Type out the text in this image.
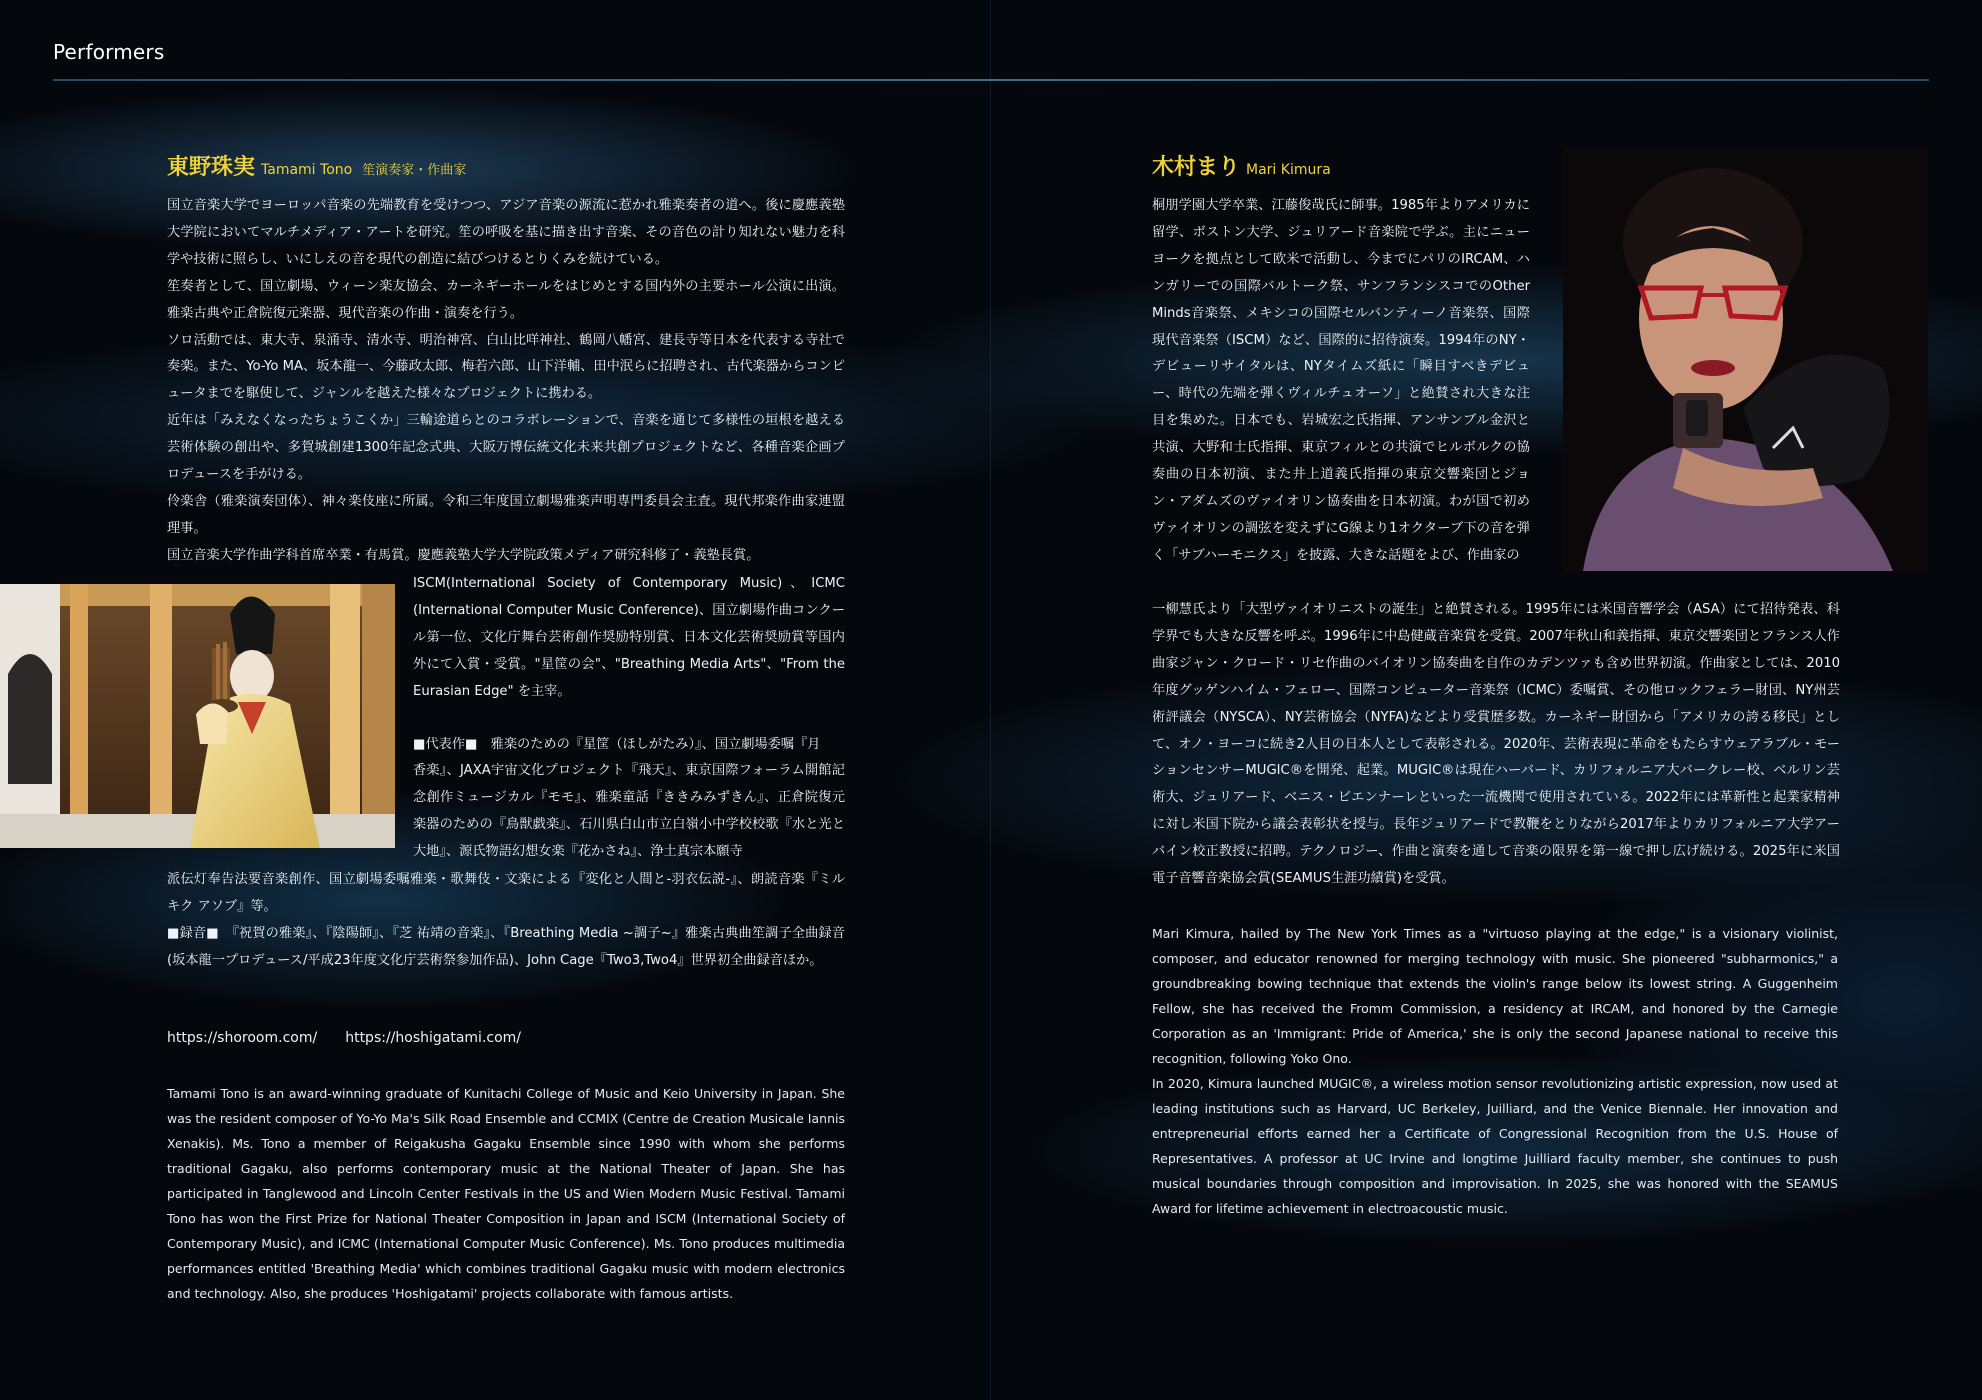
Performers
東野珠実 Tamami Tono 笙演奏家・作曲家

国立音楽大学でヨーロッパ音楽の先端教育を受けつつ、アジア音楽の源流に惹かれ雅楽奏者の道へ。後に慶應義塾大学院においてマルチメディア・アートを研究。笙の呼吸を基に描き出す音楽、その音色の計り知れない魅力を科学や技術に照らし、いにしえの音を現代の創造に結びつけるとりくみを続けている。

笙奏者として、国立劇場、ウィーン楽友協会、カーネギーホールをはじめとする国内外の主要ホール公演に出演。雅楽古典や正倉院復元楽器、現代音楽の作曲・演奏を行う。

ソロ活動では、東大寺、泉涌寺、清水寺、明治神宮、白山比咩神社、鶴岡八幡宮、建長寺等日本を代表する寺社で奏楽。また、Yo-Yo MA、坂本龍一、今藤政太郎、梅若六郎、山下洋輔、田中泯らに招聘され、古代楽器からコンピュータまでを駆使して、ジャンルを越えた様々なプロジェクトに携わる。

近年は「みえなくなったちょうこくか」三輪途道らとのコラボレーションで、音楽を通じて多様性の垣根を越える芸術体験の創出や、多賀城創建1300年記念式典、大阪万博伝統文化未来共創プロジェクトなど、各種音楽企画プロデュースを手がける。

伶楽舎（雅楽演奏団体）、神々楽伎座に所属。令和三年度国立劇場雅楽声明専門委員会主査。現代邦楽作曲家連盟理事。

国立音楽大学作曲学科首席卒業・有馬賞。慶應義塾大学大学院政策メディア研究科修了・義塾長賞。

ISCM(International Society of Contemporary Music)、ICMC (International Computer Music Conference)、国立劇場作曲コンクール第一位、文化庁舞台芸術創作奨励特別賞、日本文化芸術奨励賞等国内外にて入賞・受賞。"星筐の会"、"Breathing Media Arts"、"From the Eurasian Edge" を主宰。

■代表作■　雅楽のための『星筐（ほしがたみ）』、国立劇場委嘱『月

香楽』、JAXA宇宙文化プロジェクト『飛天』、東京国際フォーラム開館記念創作ミュージカル『モモ』、雅楽童話『ききみみずきん』、正倉院復元楽器のための『鳥獣戯楽』、石川県白山市立白嶺小中学校校歌『水と光と大地』、源氏物語幻想女楽『花かさね』、浄土真宗本願寺

派伝灯奉告法要音楽創作、国立劇場委嘱雅楽・歌舞伎・文楽による『変化と人間と-羽衣伝説-』、朗読音楽『ミル キク アソブ』等。

■録音■　『祝賀の雅楽』、『陰陽師』、『芝 祐靖の音楽』、『Breathing Media ~調子~』雅楽古典曲笙調子全曲録音(坂本龍一プロデュース/平成23年度文化庁芸術祭参加作品)、John Cage『Two3,Two4』世界初全曲録音ほか。

https://shoroom.com/ https://hoshigatami.com/

Tamami Tono is an award-winning graduate of Kunitachi College of Music and Keio University in Japan. She was the resident composer of Yo-Yo Ma's Silk Road Ensemble and CCMIX (Centre de Creation Musicale Iannis Xenakis). Ms. Tono a member of Reigakusha Gagaku Ensemble since 1990 with whom she performs traditional Gagaku, also performs contemporary music at the National Theater of Japan. She has participated in Tanglewood and Lincoln Center Festivals in the US and Wien Modern Music Festival. Tamami Tono has won the First Prize for National Theater Composition in Japan and ISCM (International Society of Contemporary Music), and ICMC (International Computer Music Conference). Ms. Tono produces multimedia performances entitled 'Breathing Media' which combines traditional Gagaku music with modern electronics and technology. Also, she produces 'Hoshigatami' projects collaborate with famous artists.

木村まり Mari Kimura

桐朋学園大学卒業、江藤俊哉氏に師事。1985年よりアメリカに留学、ボストン大学、ジュリアード音楽院で学ぶ。主にニューヨークを拠点として欧米で活動し、今までにパリのIRCAM、ハンガリーでの国際バルトーク祭、サンフランシスコでのOther Minds音楽祭、メキシコの国際セルバンティーノ音楽祭、国際現代音楽祭（ISCM）など、国際的に招待演奏。1994年のNY・デビューリサイタルは、NYタイムズ紙に「瞬目すべきデビュー、時代の先端を弾くヴィルチュオーソ」と絶賛され大きな注目を集めた。日本でも、岩城宏之氏指揮、アンサンブル金沢と共演、大野和士氏指揮、東京フィルとの共演でヒルボルクの協奏曲の日本初演、また井上道義氏指揮の東京交響楽団とジョン・アダムズのヴァイオリン協奏曲を日本初演。わが国で初めヴァイオリンの調弦を変えずにG線より1オクターブ下の音を弾く「サブハーモニクス」を披露、大きな話題をよび、作曲家の

一柳慧氏より「大型ヴァイオリニストの誕生」と絶賛される。1995年には米国音響学会（ASA）にて招待発表、科学界でも大きな反響を呼ぶ。1996年に中島健蔵音楽賞を受賞。2007年秋山和義指揮、東京交響楽団とフランス人作曲家ジャン・クロード・リセ作曲のバイオリン協奏曲を自作のカデンツァも含め世界初演。作曲家としては、2010年度グッゲンハイム・フェロー、国際コンピューター音楽祭（ICMC）委嘱賞、その他ロックフェラー財団、NY州芸術評議会（NYSCA）、NY芸術協会（NYFA)などより受賞歴多数。カーネギー財団から「アメリカの誇る移民」として、オノ・ヨーコに続き2人目の日本人として表彰される。2020年、芸術表現に革命をもたらすウェアラブル・モーションセンサーMUGIC®を開発、起業。MUGIC®は現在ハーバード、カリフォルニア大バークレー校、ベルリン芸術大、ジュリアード、ベニス・ビエンナーレといった一流機関で使用されている。2022年には革新性と起業家精神に対し米国下院から議会表彰状を授与。長年ジュリアードで教鞭をとりながら2017年よりカリフォルニア大学アーバイン校正教授に招聘。テクノロジー、作曲と演奏を通して音楽の限界を第一線で押し広げ続ける。2025年に米国電子音響音楽協会賞(SEAMUS生涯功績賞)を受賞。

Mari Kimura, hailed by The New York Times as a "virtuoso playing at the edge," is a visionary violinist, composer, and educator renowned for merging technology with music. She pioneered "subharmonics," a groundbreaking bowing technique that extends the violin's range below its lowest string. A Guggenheim Fellow, she has received the Fromm Commission, a residency at IRCAM, and honored by the Carnegie Corporation as an 'Immigrant: Pride of America,' she is only the second Japanese national to receive this recognition, following Yoko Ono.

In 2020, Kimura launched MUGIC®, a wireless motion sensor revolutionizing artistic expression, now used at leading institutions such as Harvard, UC Berkeley, Juilliard, and the Venice Biennale. Her innovation and entrepreneurial efforts earned her a Certificate of Congressional Recognition from the U.S. House of Representatives. A professor at UC Irvine and longtime Juilliard faculty member, she continues to push musical boundaries through composition and improvisation. In 2025, she was honored with the SEAMUS Award for lifetime achievement in electroacoustic music.
